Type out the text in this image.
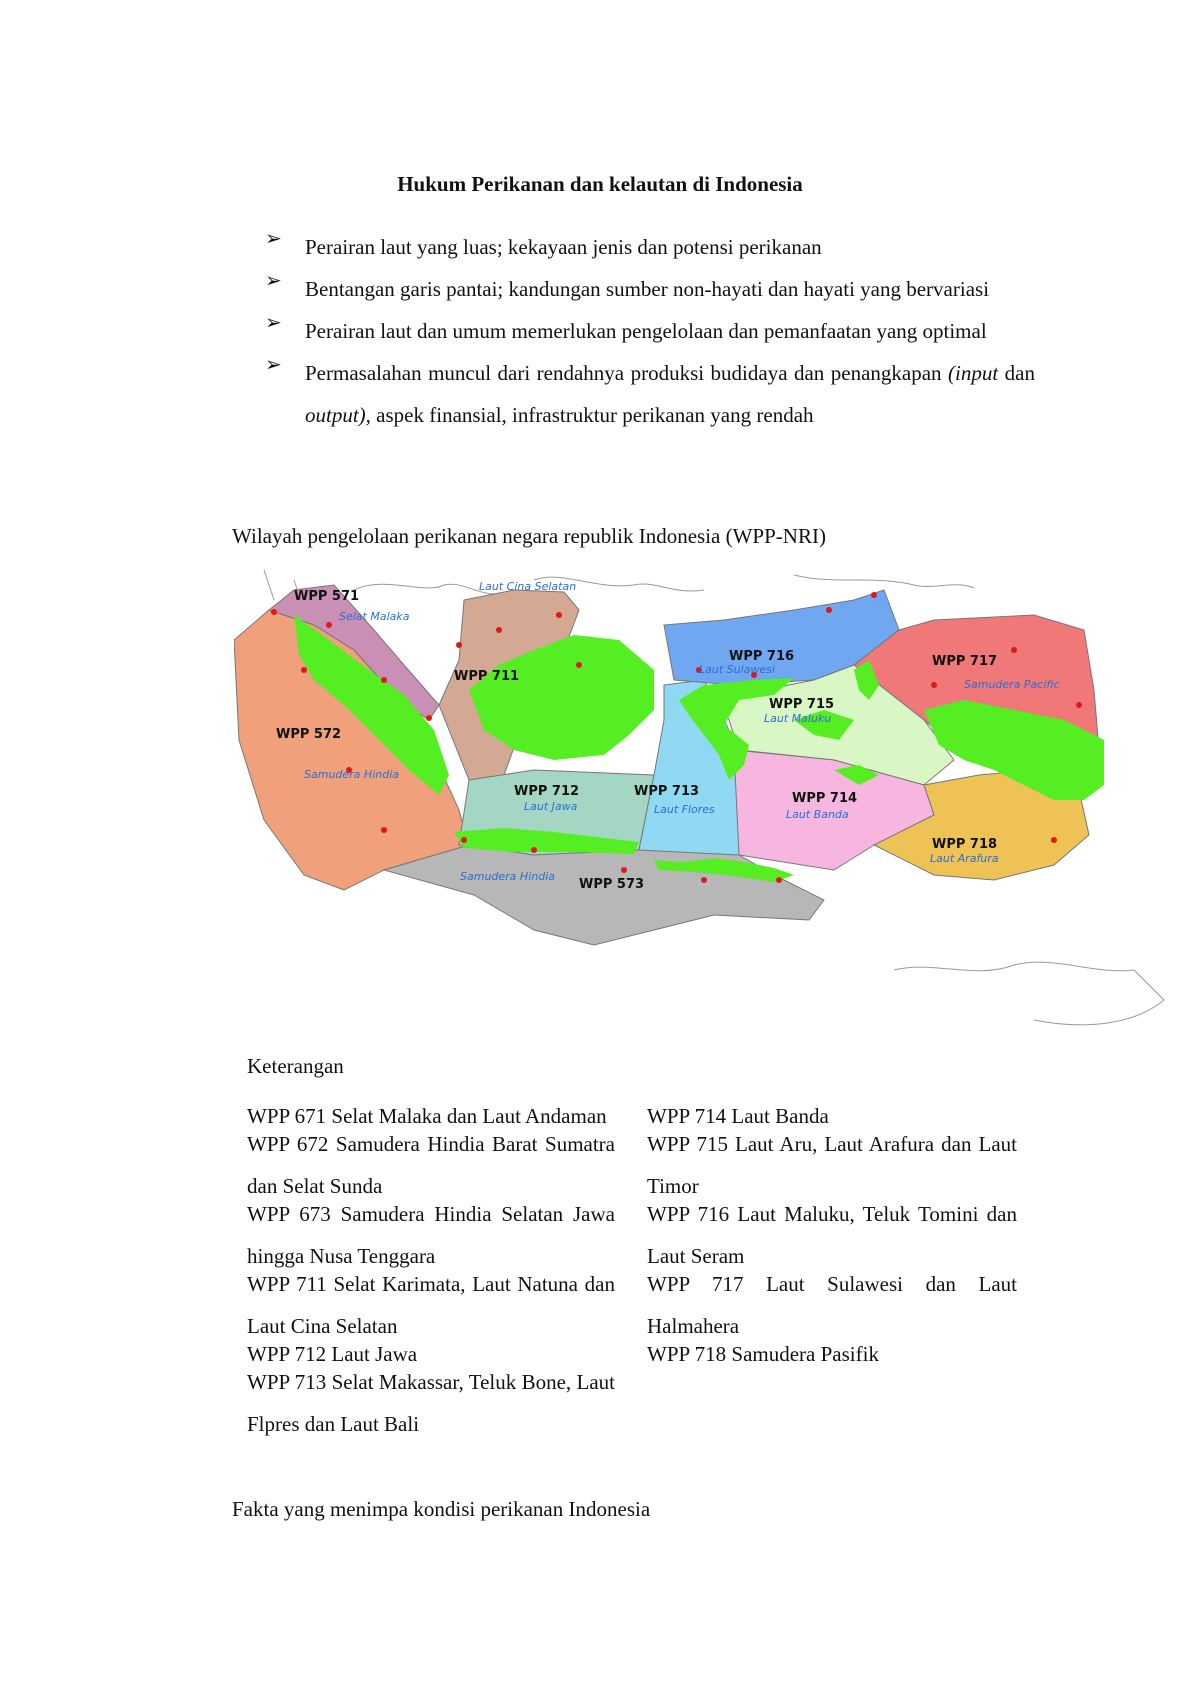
Hukum Perikanan dan kelautan di Indonesia
➢ Perairan laut yang luas; kekayaan jenis dan potensi perikanan
➢ Bentangan garis pantai; kandungan sumber non-hayati dan hayati yang bervariasi
➢ Perairan laut dan umum memerlukan pengelolaan dan pemanfaatan yang optimal
➢ Permasalahan muncul dari rendahnya produksi budidaya dan penangkapan (input dan output), aspek finansial, infrastruktur perikanan yang rendah
Wilayah pengelolaan perikanan negara republik Indonesia (WPP-NRI)
WPP 571
WPP 572
WPP 573
WPP 711
WPP 712	WPP 713	WPP 714
WPP 715
WPP 716	WPP 717
WPP 718
Selat Malaka
Samudera Hindia
Samudera Hindia
Laut Cina Selatan
Laut Jawa	Laut Flores	Laut Banda
Laut Maluku
Laut Sulawesi
Samudera Pacific
Laut Arafura
Keterangan
WPP 671 Selat Malaka dan Laut Andaman
WPP 672 Samudera Hindia Barat Sumatra dan Selat Sunda
WPP 673 Samudera Hindia Selatan Jawa hingga Nusa Tenggara
WPP 711 Selat Karimata, Laut Natuna dan Laut Cina Selatan
WPP 712 Laut Jawa
WPP 713 Selat Makassar, Teluk Bone, Laut Flpres dan Laut Bali
WPP 714 Laut Banda
WPP 715 Laut Aru, Laut Arafura dan Laut Timor
WPP 716 Laut Maluku, Teluk Tomini dan Laut Seram
WPP 717 Laut Sulawesi dan Laut Halmahera
WPP 718 Samudera Pasifik
Fakta yang menimpa kondisi perikanan Indonesia
